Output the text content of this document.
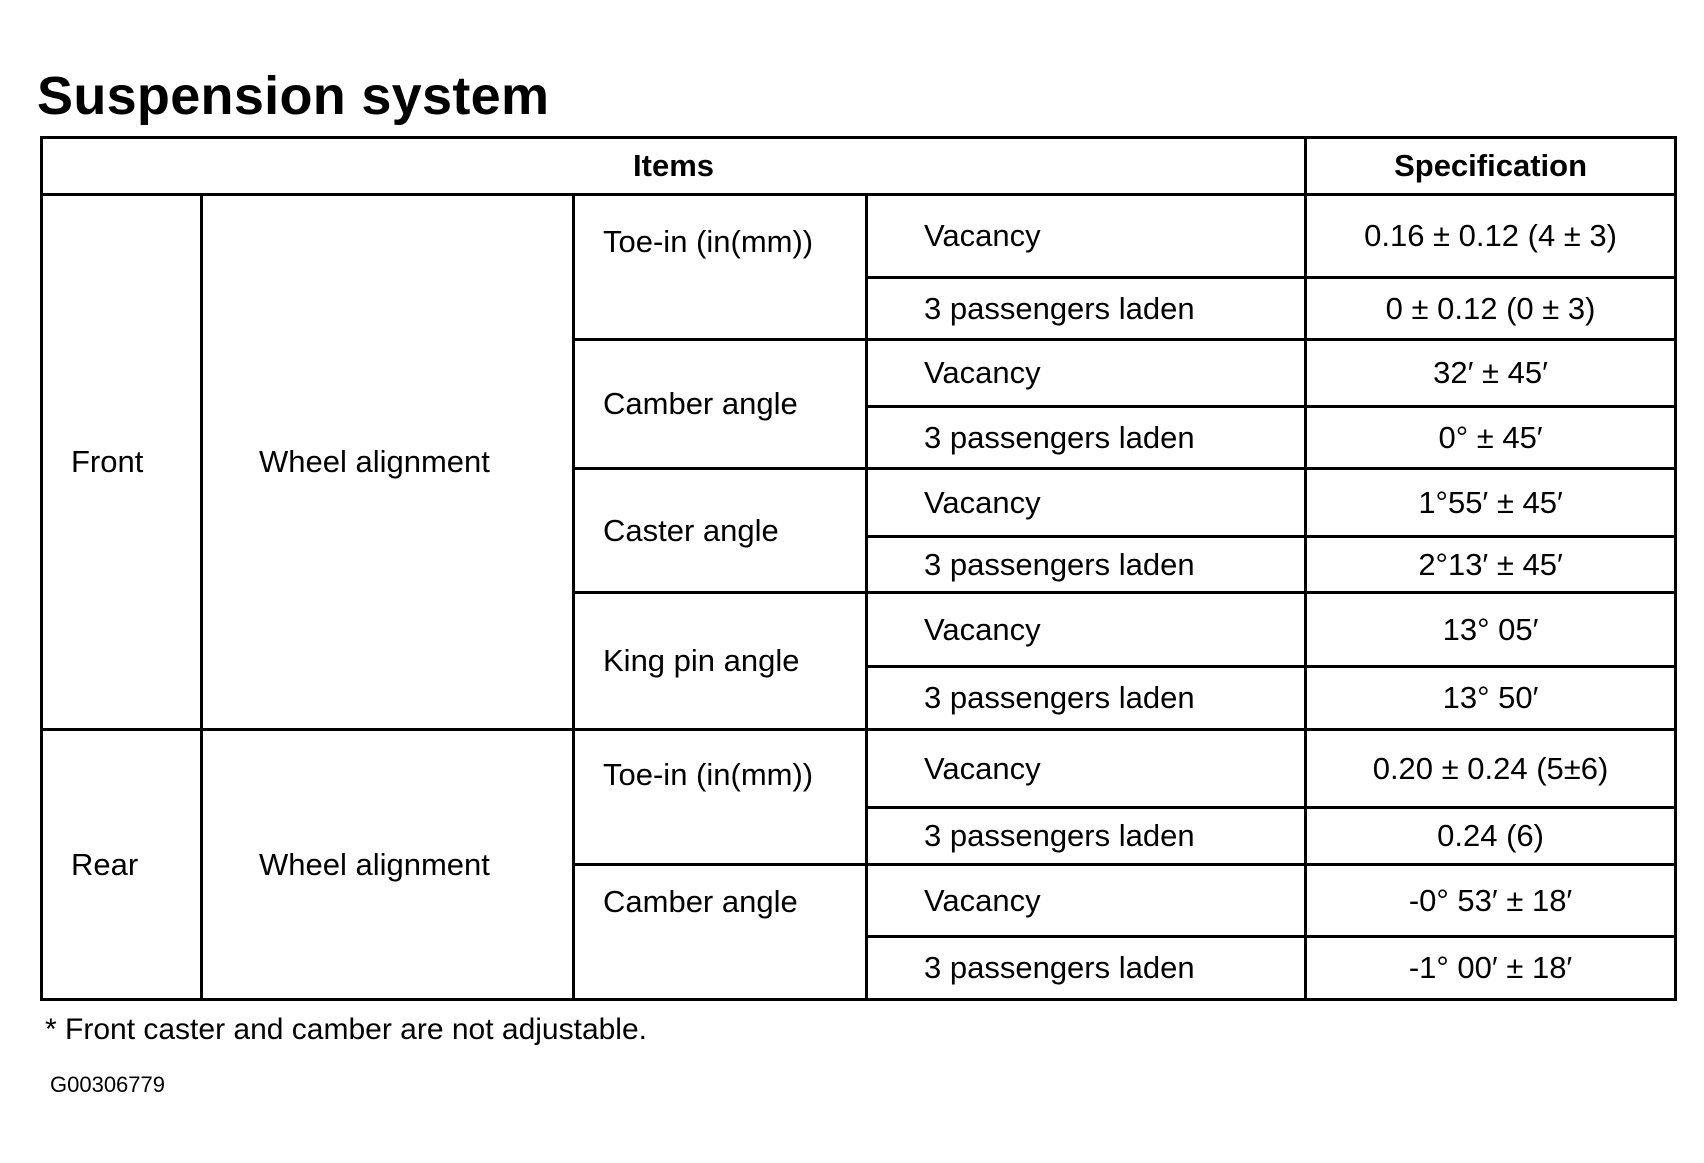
Suspension system
Items				Specification
Front	Wheel alignment	Toe-in (in(mm))	Vacancy	0.16 ± 0.12 (4 ± 3)
			3 passengers laden	0 ± 0.12 (0 ± 3)
		Camber angle	Vacancy	32′ ± 45′
			3 passengers laden	0° ± 45′
		Caster angle	Vacancy	1°55′ ± 45′
			3 passengers laden	2°13′ ± 45′
		King pin angle	Vacancy	13° 05′
			3 passengers laden	13° 50′
Rear	Wheel alignment	Toe-in (in(mm))	Vacancy	0.20 ± 0.24 (5±6)
			3 passengers laden	0.24 (6)

		Camber angle	Vacancy	-0° 53′ ± 18′
			3 passengers laden	-1° 00′ ± 18′

* Front caster and camber are not adjustable.

G00306779
